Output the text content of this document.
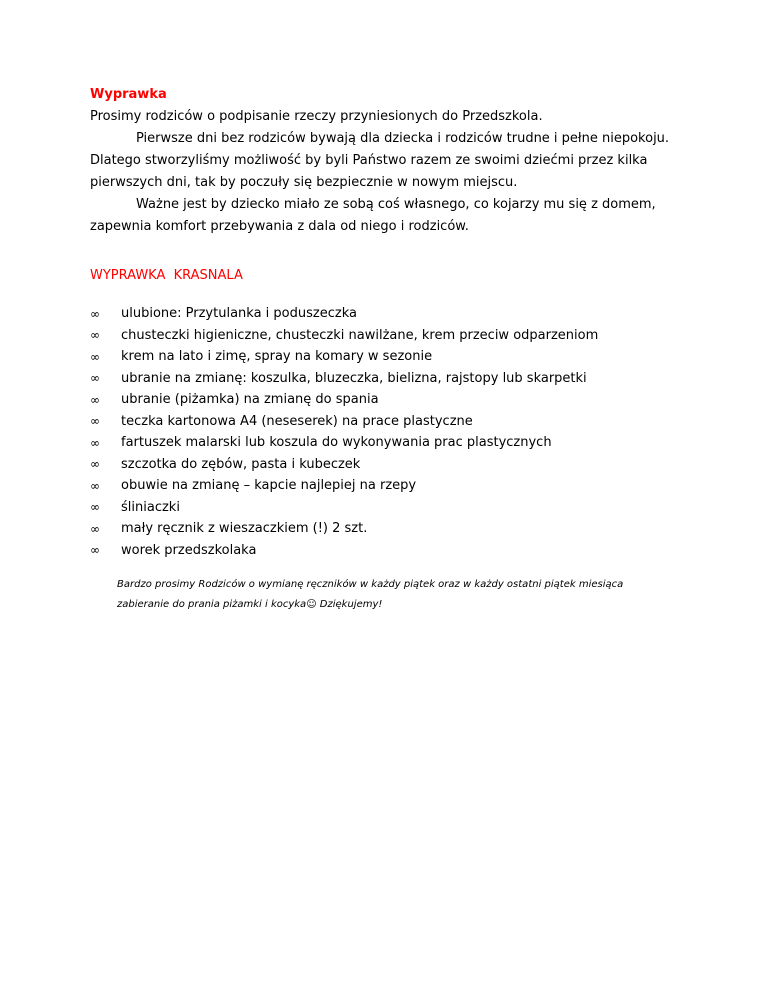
Wyprawka

Prosimy rodziców o podpisanie rzeczy przyniesionych do Przedszkola.

Pierwsze dni bez rodziców bywają dla dziecka i rodziców trudne i pełne niepokoju.

Dlatego stworzyliśmy możliwość by byli Państwo razem ze swoimi dziećmi przez kilka

pierwszych dni, tak by poczuły się bezpiecznie w nowym miejscu.

Ważne jest by dziecko miało ze sobą coś własnego, co kojarzy mu się z domem,

zapewnia komfort przebywania z dala od niego i rodziców.

WYPRAWKA  KRASNALA

∞	ulubione: Przytulanka i poduszeczka
∞	chusteczki higieniczne, chusteczki nawilżane, krem przeciw odparzeniom
∞	krem na lato i zimę, spray na komary w sezonie
∞	ubranie na zmianę: koszulka, bluzeczka, bielizna, rajstopy lub skarpetki
∞	ubranie (piżamka) na zmianę do spania
∞	teczka kartonowa A4 (neseserek) na prace plastyczne
∞	fartuszek malarski lub koszula do wykonywania prac plastycznych
∞	szczotka do zębów, pasta i kubeczek
∞	obuwie na zmianę – kapcie najlepiej na rzepy
∞	śliniaczki
∞	mały ręcznik z wieszaczkiem (!) 2 szt.
∞	worek przedszkolaka
Bardzo prosimy Rodziców o wymianę ręczników w każdy piątek oraz w każdy ostatni piątek miesiąca
zabieranie do prania piżamki i kocyka☺ Dziękujemy!
